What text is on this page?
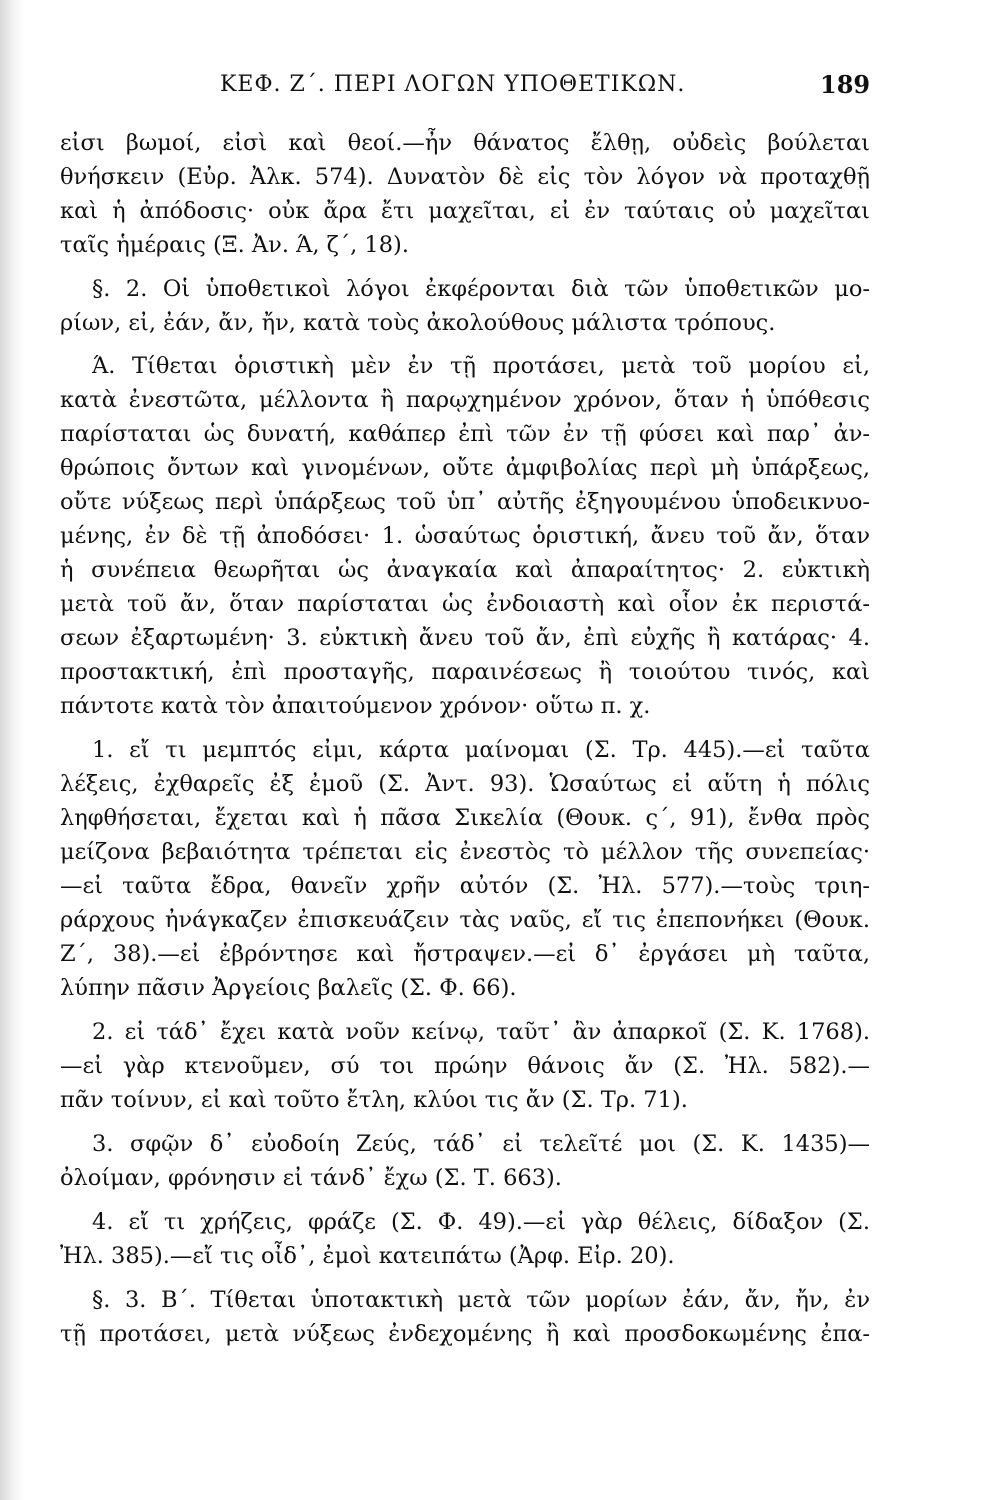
ΚΕΦ. Ζ΄. ΠΕΡΙ ΛΟΓΩΝ ΥΠΟΘΕΤΙΚΩΝ.	189
εἰσι βωμοί, εἰσὶ καὶ θεοί.—ἦν θάνατος ἔλθῃ, οὐδεὶς βούλεται
θνήσκειν (Εὐρ. Ἀλκ. 574). Δυνατὸν δὲ εἰς τὸν λόγον νὰ προταχθῇ
καὶ ἡ ἀπόδοσις· οὐκ ἄρα ἔτι μαχεῖται, εἰ ἐν ταύταις οὐ μαχεῖται
ταῖς ἡμέραις (Ξ. Ἀν. Ά, ζ΄, 18).
§. 2. Οἱ ὑποθετικοὶ λόγοι ἐκφέρονται διὰ τῶν ὑποθετικῶν μο-
ρίων, εἰ, ἐάν, ἄν, ἤν, κατὰ τοὺς ἀκολούθους μάλιστα τρόπους.
Ά. Τίθεται ὁριστικὴ μὲν ἐν τῇ προτάσει, μετὰ τοῦ μορίου εἰ,
κατὰ ἐνεστῶτα, μέλλοντα ἢ παρῳχημένον χρόνον, ὅταν ἡ ὑπόθεσις
παρίσταται ὡς δυνατή, καθάπερ ἐπὶ τῶν ἐν τῇ φύσει καὶ παρ᾽ ἀν-
θρώποις ὄντων καὶ γινομένων, οὔτε ἀμφιβολίας περὶ μὴ ὑπάρξεως,
οὔτε νύξεως περὶ ὑπάρξεως τοῦ ὑπ᾽ αὐτῆς ἐξηγουμένου ὑποδεικνυο-
μένης, ἐν δὲ τῇ ἀποδόσει· 1. ὡσαύτως ὁριστική, ἄνευ τοῦ ἄν, ὅταν
ἡ συνέπεια θεωρῆται ὡς ἀναγκαία καὶ ἀπαραίτητος· 2. εὐκτικὴ
μετὰ τοῦ ἄν, ὅταν παρίσταται ὡς ἐνδοιαστὴ καὶ οἷον ἐκ περιστά-
σεων ἐξαρτωμένη· 3. εὐκτικὴ ἄνευ τοῦ ἄν, ἐπὶ εὐχῆς ἢ κατάρας· 4.
προστακτική, ἐπὶ προσταγῆς, παραινέσεως ἢ τοιούτου τινός, καὶ
πάντοτε κατὰ τὸν ἀπαιτούμενον χρόνον· οὕτω π. χ.
1. εἴ τι μεμπτός εἰμι, κάρτα μαίνομαι (Σ. Τρ. 445).—εἰ ταῦτα
λέξεις, ἐχθαρεῖς ἐξ ἐμοῦ (Σ. Ἀντ. 93). Ὡσαύτως εἰ αὕτη ἡ πόλις
ληφθήσεται, ἔχεται καὶ ἡ πᾶσα Σικελία (Θουκ. ς΄, 91), ἔνθα πρὸς
μείζονα βεβαιότητα τρέπεται εἰς ἐνεστὸς τὸ μέλλον τῆς συνεπείας·
—εἰ ταῦτα ἔδρα, θανεῖν χρῆν αὐτόν (Σ. Ἠλ. 577).—τοὺς τριη-
ράρχους ἠνάγκαζεν ἐπισκευάζειν τὰς ναῦς, εἴ τις ἐπεπονήκει (Θουκ.
Ζ΄, 38).—εἰ ἐβρόντησε καὶ ἤστραψεν.—εἰ δ᾽ ἐργάσει μὴ ταῦτα,
λύπην πᾶσιν Ἀργείοις βαλεῖς (Σ. Φ. 66).
2. εἰ τάδ᾽ ἔχει κατὰ νοῦν κείνῳ, ταῦτ᾽ ἂν ἀπαρκοῖ (Σ. Κ. 1768).
—εἰ γὰρ κτενοῦμεν, σύ τοι πρώην θάνοις ἄν (Σ. Ἠλ. 582).—
πᾶν τοίνυν, εἰ καὶ τοῦτο ἔτλη, κλύοι τις ἄν (Σ. Τρ. 71).
3. σφῷν δ᾽ εὐοδοίη Ζεύς, τάδ᾽ εἰ τελεῖτέ μοι (Σ. Κ. 1435)—
ὀλοίμαν, φρόνησιν εἰ τάνδ᾽ ἔχω (Σ. Τ. 663).
4. εἴ τι χρήζεις, φράζε (Σ. Φ. 49).—εἰ γὰρ θέλεις, δίδαξον (Σ.
Ἠλ. 385).—εἴ τις οἶδ᾽, ἐμοὶ κατειπάτω (Ἀρφ. Εἰρ. 20).
§. 3. Β΄. Τίθεται ὑποτακτικὴ μετὰ τῶν μορίων ἐάν, ἄν, ἤν, ἐν
τῇ προτάσει, μετὰ νύξεως ἐνδεχομένης ἢ καὶ προσδοκωμένης ἐπα-
